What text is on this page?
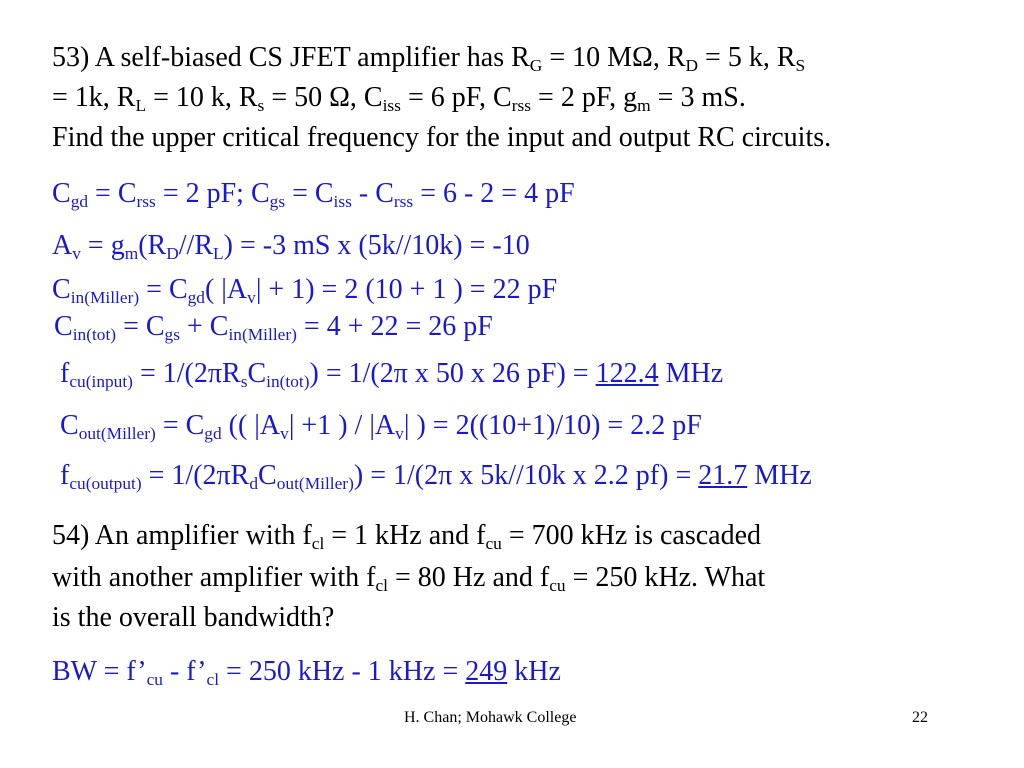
53) A self-biased CS JFET amplifier has $R_G = 10$ MΩ, $R_D = 5$ k, $R_S$
= 1k, $R_L = 10$ k, $R_s = 50$ Ω, $C_{iss} = 6$ pF, $C_{rss} = 2$ pF, $g_m = 3$ mS.
Find the upper critical frequency for the input and output RC circuits.
$C_{gd} = C_{rss} = 2$ pF; $C_{gs} = C_{iss} - C_{rss} = 6 - 2 = 4$ pF
$A_v = g_m(R_D//R_L) = -3$ mS x (5k//10k) = -10
$C_{in(Miller)} = C_{gd}$( $|A_v| + 1) = 2$ (10 + 1 ) = 22 pF
$C_{in(tot)} = C_{gs} + C_{in(Miller)} = 4 + 22 = 26$ pF
$f_{cu(input)} = 1/(2\pi R_sC_{in(tot)}) = 1/(2\pi$ x 50 x 26 pF) = 122.4 MHz
$C_{out(Miller)} = C_{gd}$ (( $|A_v| +1$ ) / $|A_v|$ ) = 2((10+1)/10) = 2.2 pF
$f_{cu(output)} = 1/(2\pi R_dC_{out(Miller)}) = 1/(2\pi$ x 5k//10k x 2.2 pf) = 21.7 MHz
54) An amplifier with $f_{cl} = 1$ kHz and $f_{cu} = 700$ kHz is cascaded
with another amplifier with $f_{cl} = 80$ Hz and $f_{cu} = 250$ kHz. What
is the overall bandwidth?
BW = $f’_{cu}$ - $f’_{cl} = 250$ kHz - 1 kHz = 249 kHz
H. Chan; Mohawk College	22
